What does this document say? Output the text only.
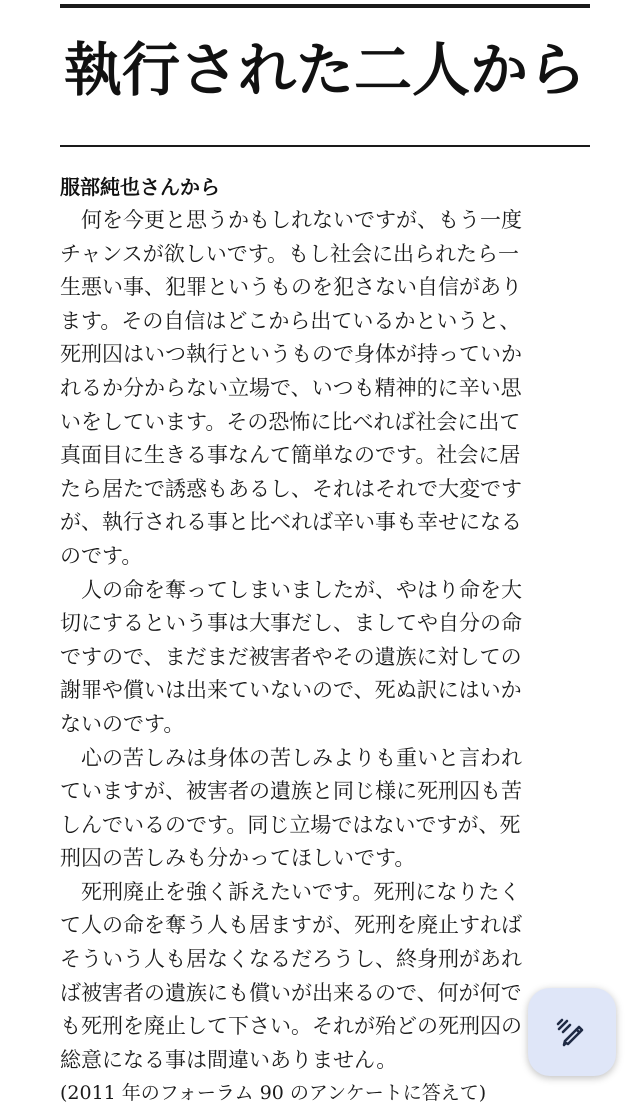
執行された二人から
服部純也さんから
　何を今更と思うかもしれないですが、もう一度
チャンスが欲しいです。もし社会に出られたら一
生悪い事、犯罪というものを犯さない自信があり
ます。その自信はどこから出ているかというと、
死刑囚はいつ執行というもので身体が持っていか
れるか分からない立場で、いつも精神的に辛い思
いをしています。その恐怖に比べれば社会に出て
真面目に生きる事なんて簡単なのです。社会に居
たら居たで誘惑もあるし、それはそれで大変です
が、執行される事と比べれば辛い事も幸せになる
のです。
　人の命を奪ってしまいましたが、やはり命を大
切にするという事は大事だし、ましてや自分の命
ですので、まだまだ被害者やその遺族に対しての
謝罪や償いは出来ていないので、死ぬ訳にはいか
ないのです。
　心の苦しみは身体の苦しみよりも重いと言われ
ていますが、被害者の遺族と同じ様に死刑囚も苦
しんでいるのです。同じ立場ではないですが、死
刑囚の苦しみも分かってほしいです。
　死刑廃止を強く訴えたいです。死刑になりたく
て人の命を奪う人も居ますが、死刑を廃止すれば
そういう人も居なくなるだろうし、終身刑があれ
ば被害者の遺族にも償いが出来るので、何が何で
も死刑を廃止して下さい。それが殆どの死刑囚の
総意になる事は間違いありません。
(2011 年のフォーラム 90 のアンケートに答えて)
